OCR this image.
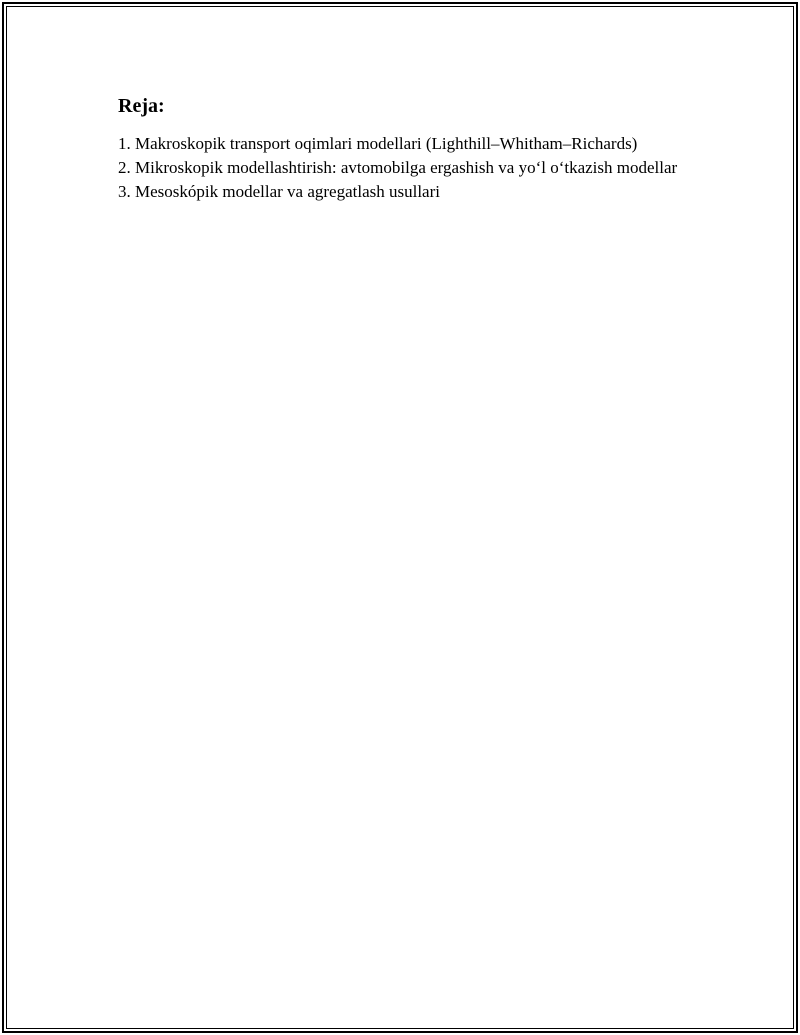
Reja:
1. Makroskopik transport oqimlari modellari (Lighthill–Whitham–Richards)
2. Mikroskopik modellashtirish: avtomobilga ergashish va yo‘l o‘tkazish modellar
3. Mesoskópik modellar va agregatlash usullari
